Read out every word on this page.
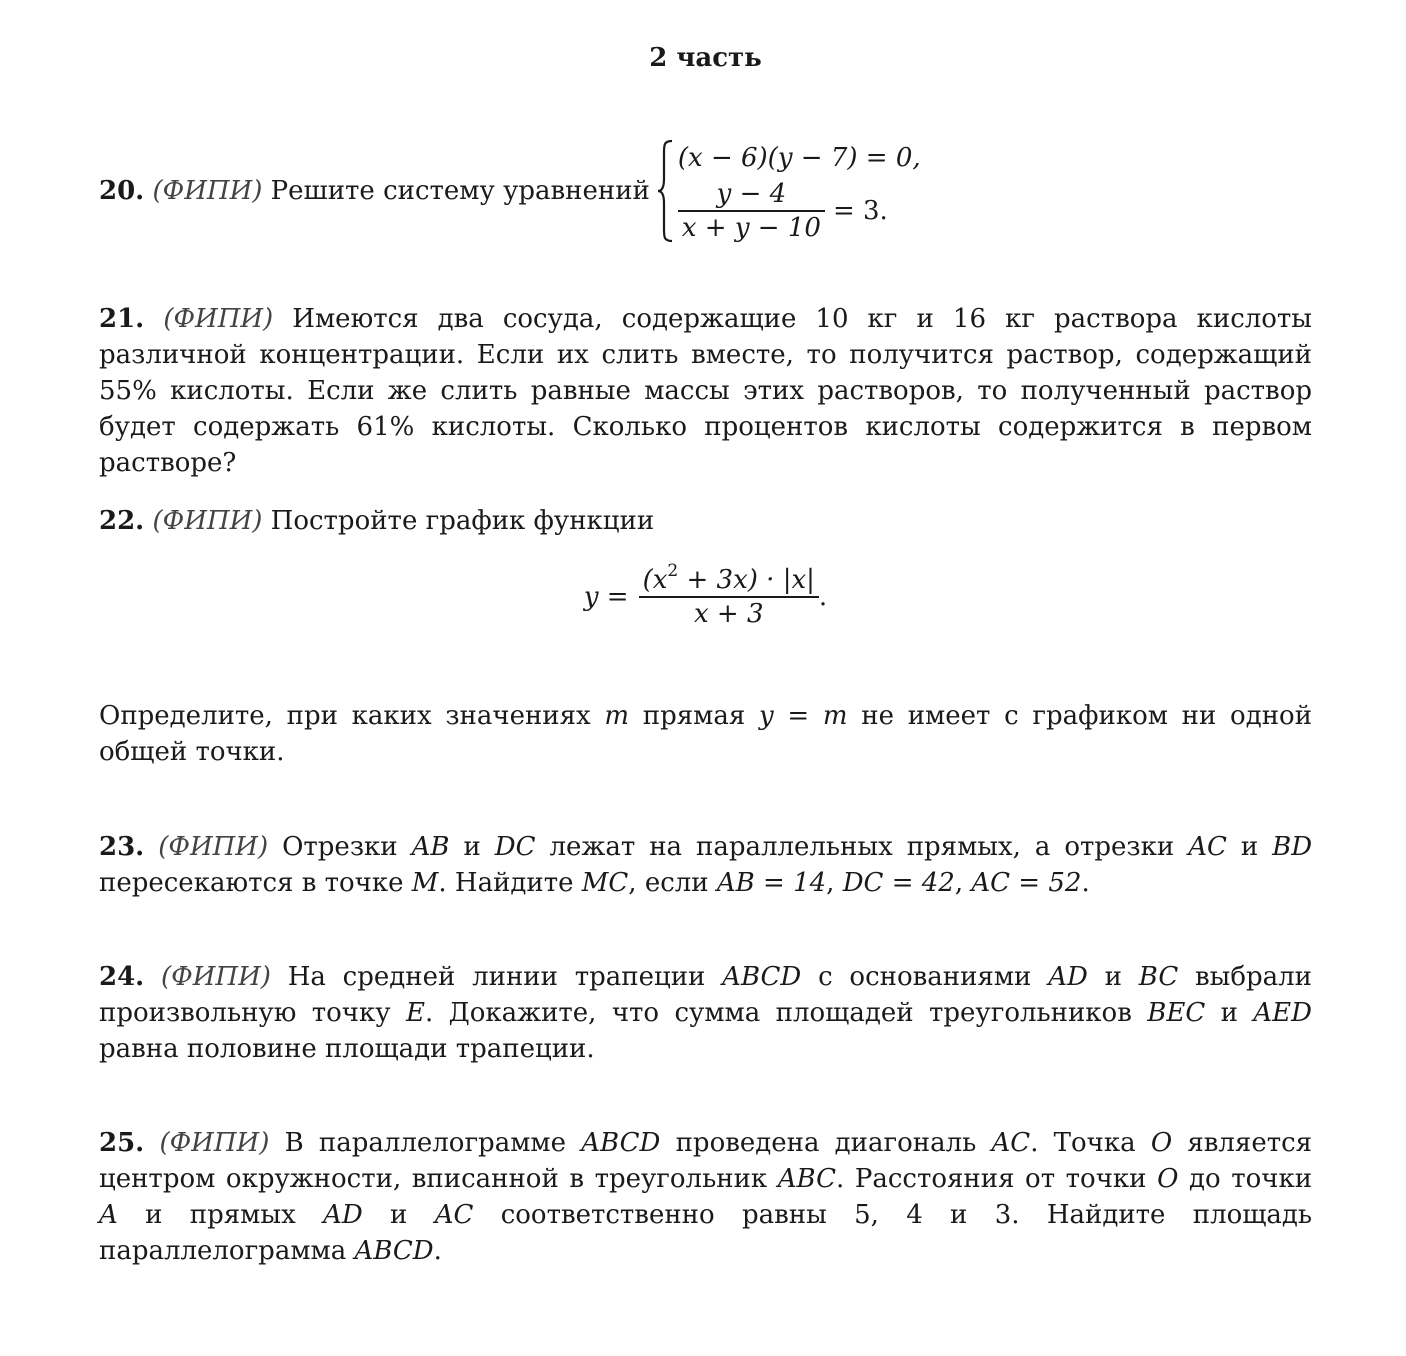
2 часть
20.
(ФИПИ)
Решите систему уравнений
(x − 6)(y − 7) = 0,
$\frac{y - 4}{x + y - 10} = 3$.
21. (ФИПИ) Имеются два сосуда, содержащие 10 кг и 16 кг раствора кислоты различной концентрации. Если их слить вместе, то получится раствор, содержащий 55% кислоты. Если же слить равные массы этих растворов, то полученный раствор будет содержать 61% кислоты. Сколько процентов кислоты содержится в первом растворе?
22. (ФИПИ) Постройте график функции
$y = \frac{(x^2 + 3x) \cdot |x|}{x + 3}$ .
Определите, при каких значениях m прямая y = m не имеет с графиком ни одной общей точки.
23. (ФИПИ) Отрезки AB и DC лежат на параллельных прямых, а отрезки AC и BD пересекаются в точке M. Найдите MC, если AB = 14, DC = 42, AC = 52.
24. (ФИПИ) На средней линии трапеции ABCD с основаниями AD и BC выбрали произвольную точку E. Докажите, что сумма площадей треугольников BEC и AED равна половине площади трапеции.
25. (ФИПИ) В параллелограмме ABCD проведена диагональ AC. Точка O является центром окружности, вписанной в треугольник ABC. Расстояния от точки O до точки A и прямых AD и AC соответственно равны 5, 4 и 3. Найдите площадь параллелограмма ABCD.
